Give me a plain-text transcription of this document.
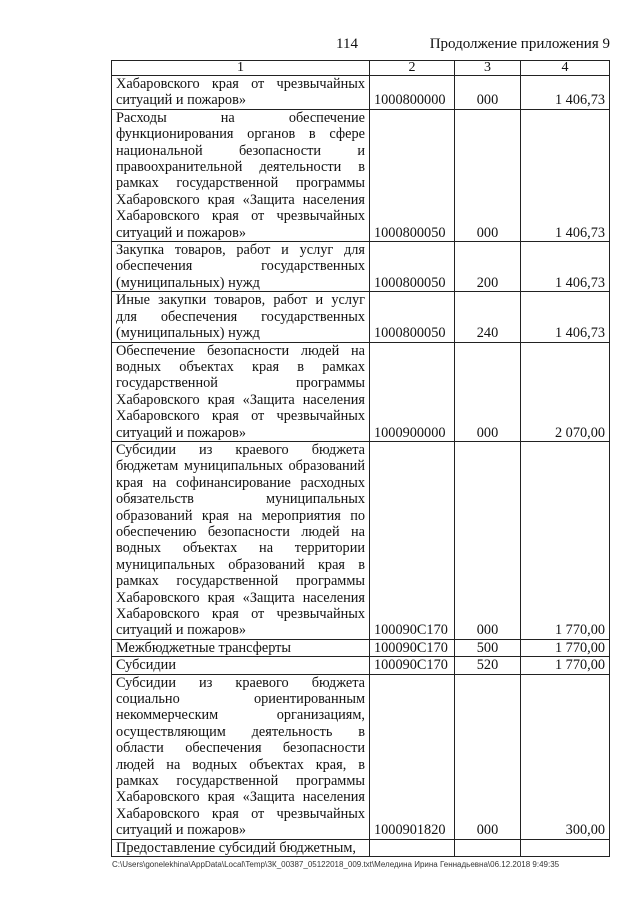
114	Продолжение приложения 9
1	2	3	4
Хабаровского края от чрезвычайных ситуаций и пожаров»	1000800000	000	1 406,73
Расходы на обеспечение функционирования органов в сфере национальной безопасности и правоохранительной деятельности в рамках государственной программы Хабаровского края «Защита населения Хабаровского края от чрезвычайных ситуаций и пожаров»	1000800050	000	1 406,73
Закупка товаров, работ и услуг для обеспечения государственных (муниципальных) нужд	1000800050	200	1 406,73
Иные закупки товаров, работ и услуг для обеспечения государственных (муниципальных) нужд	1000800050	240	1 406,73
Обеспечение безопасности людей на водных объектах края в рамках государственной программы Хабаровского края «Защита населения Хабаровского края от чрезвычайных ситуаций и пожаров»	1000900000	000	2 070,00
Субсидии из краевого бюджета бюджетам муниципальных образований края на софинансирование расходных обязательств муниципальных образований края на мероприятия по обеспечению безопасности людей на водных объектах на территории муниципальных образований края в рамках государственной программы Хабаровского края «Защита населения Хабаровского края от чрезвычайных ситуаций и пожаров»	100090С170	000	1 770,00
Межбюджетные трансферты	100090С170	500	1 770,00
Субсидии	100090С170	520	1 770,00
Субсидии из краевого бюджета социально ориентированным некоммерческим организациям, осуществляющим деятельность в области обеспечения безопасности людей на водных объектах края, в рамках государственной программы Хабаровского края «Защита населения Хабаровского края от чрезвычайных ситуаций и пожаров»	1000901820	000	300,00
Предоставление субсидий бюджетным,			
C:\Users\gonelekhina\AppData\Local\Temp\ЗК_00387_05122018_009.txt\Меледина Ирина Геннадьевна\06.12.2018 9:49:35
